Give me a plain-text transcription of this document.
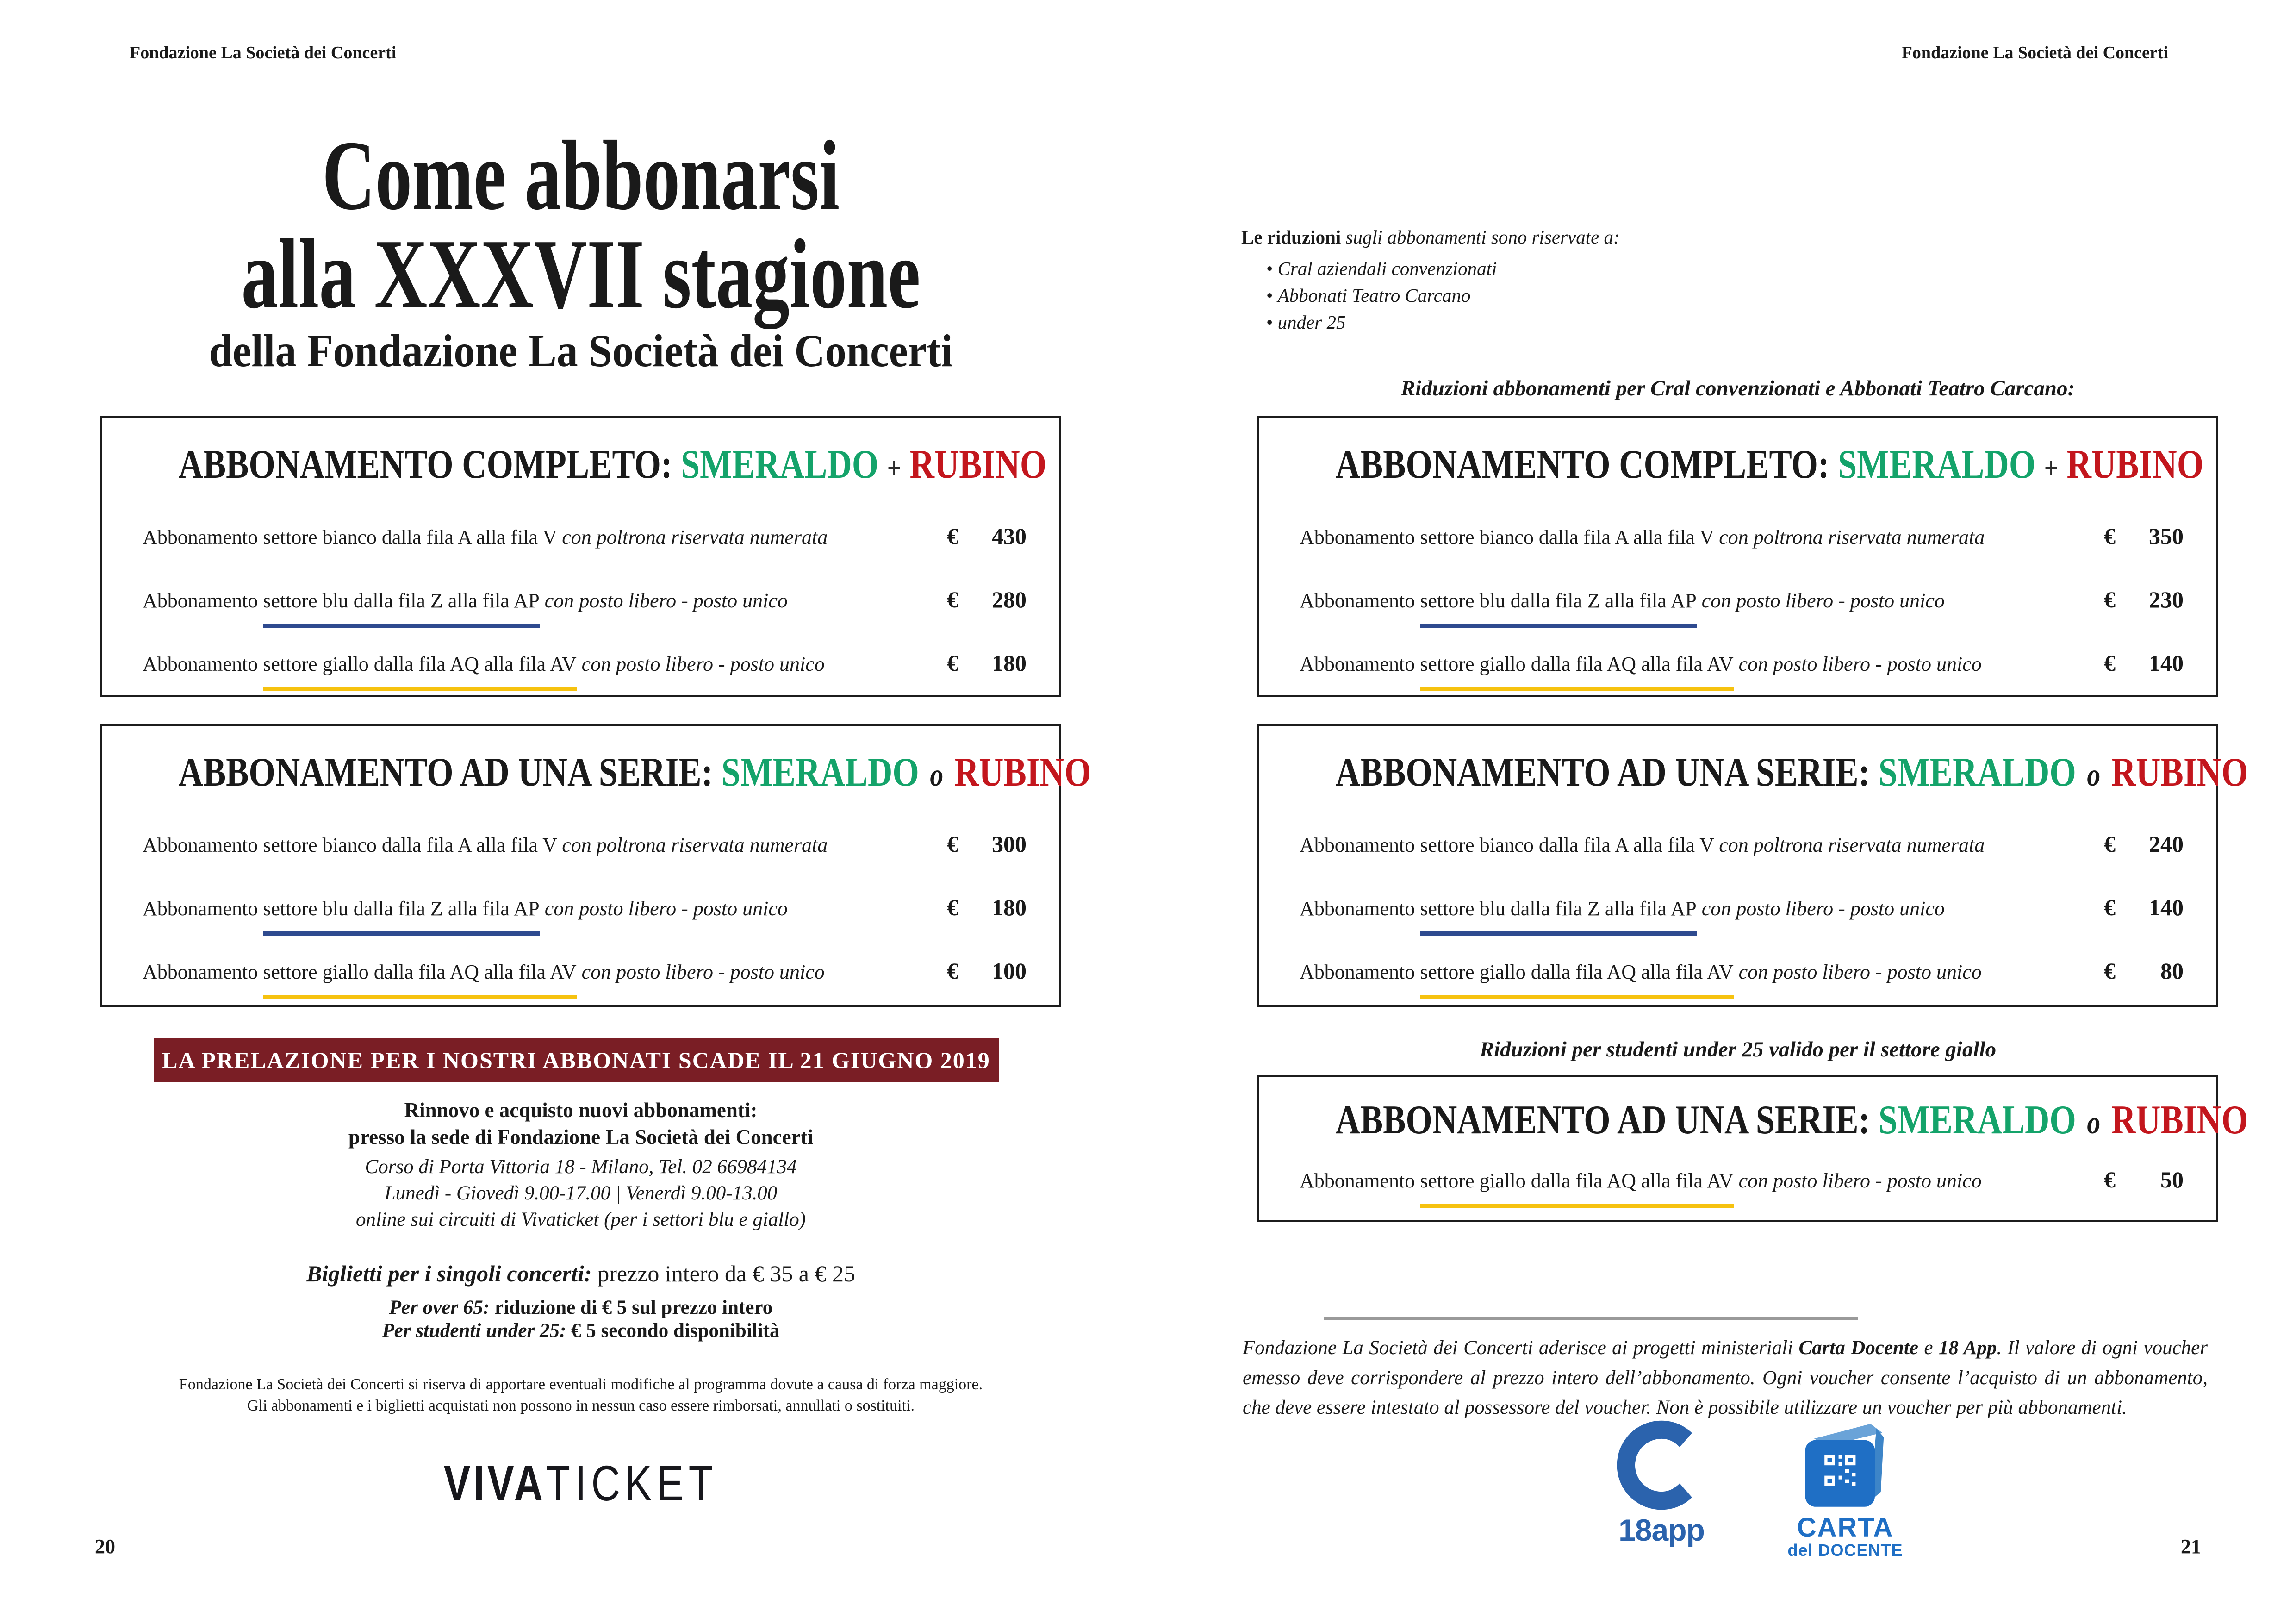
Fondazione La Società dei Concerti
Come abbonarsi
alla XXXVII stagione
della Fondazione La Società dei Concerti
ABBONAMENTO COMPLETO: SMERALDO + RUBINO
Abbonamento settore bianco dalla fila A alla fila V con poltrona riservata numerata	€ 430
Abbonamento settore blu dalla fila Z alla fila AP con posto libero - posto unico	€ 280
Abbonamento settore giallo dalla fila AQ alla fila AV con posto libero - posto unico	€ 180
ABBONAMENTO AD UNA SERIE: SMERALDO o RUBINO
Abbonamento settore bianco dalla fila A alla fila V con poltrona riservata numerata	€ 300
Abbonamento settore blu dalla fila Z alla fila AP con posto libero - posto unico	€ 180
Abbonamento settore giallo dalla fila AQ alla fila AV con posto libero - posto unico	€ 100
LA PRELAZIONE PER I NOSTRI ABBONATI SCADE IL 21 GIUGNO 2019
Rinnovo e acquisto nuovi abbonamenti:
presso la sede di Fondazione La Società dei Concerti
Corso di Porta Vittoria 18 - Milano, Tel. 02 66984134
Lunedì - Giovedì 9.00-17.00 | Venerdì 9.00-13.00
online sui circuiti di Vivaticket (per i settori blu e giallo)
Biglietti per i singoli concerti: prezzo intero da € 35 a € 25
Per over 65: riduzione di € 5 sul prezzo intero
Per studenti under 25: € 5 secondo disponibilità
Fondazione La Società dei Concerti si riserva di apportare eventuali modifiche al programma dovute a causa di forza maggiore.
Gli abbonamenti e i biglietti acquistati non possono in nessun caso essere rimborsati, annullati o sostituiti.
VIVATICKET
20
Fondazione La Società dei Concerti
Le riduzioni sugli abbonamenti sono riservate a:
• Cral aziendali convenzionati
• Abbonati Teatro Carcano
• under 25
Riduzioni abbonamenti per Cral convenzionati e Abbonati Teatro Carcano:
ABBONAMENTO COMPLETO: SMERALDO + RUBINO
Abbonamento settore bianco dalla fila A alla fila V con poltrona riservata numerata	€ 350
Abbonamento settore blu dalla fila Z alla fila AP con posto libero - posto unico	€ 230
Abbonamento settore giallo dalla fila AQ alla fila AV con posto libero - posto unico	€ 140
ABBONAMENTO AD UNA SERIE: SMERALDO o RUBINO
Abbonamento settore bianco dalla fila A alla fila V con poltrona riservata numerata	€ 240
Abbonamento settore blu dalla fila Z alla fila AP con posto libero - posto unico	€ 140
Abbonamento settore giallo dalla fila AQ alla fila AV con posto libero - posto unico	€ 80
Riduzioni per studenti under 25 valido per il settore giallo
ABBONAMENTO AD UNA SERIE: SMERALDO o RUBINO
Abbonamento settore giallo dalla fila AQ alla fila AV con posto libero - posto unico	€ 50
Fondazione La Società dei Concerti aderisce ai progetti ministeriali Carta Docente e 18 App. Il valore di ogni voucher emesso deve corrispondere al prezzo intero dell’abbonamento. Ogni voucher consente l’acquisto di un abbonamento, che deve essere intestato al possessore del voucher. Non è possibile utilizzare un voucher per più abbonamenti.
18app	CARTA
del DOCENTE	21
